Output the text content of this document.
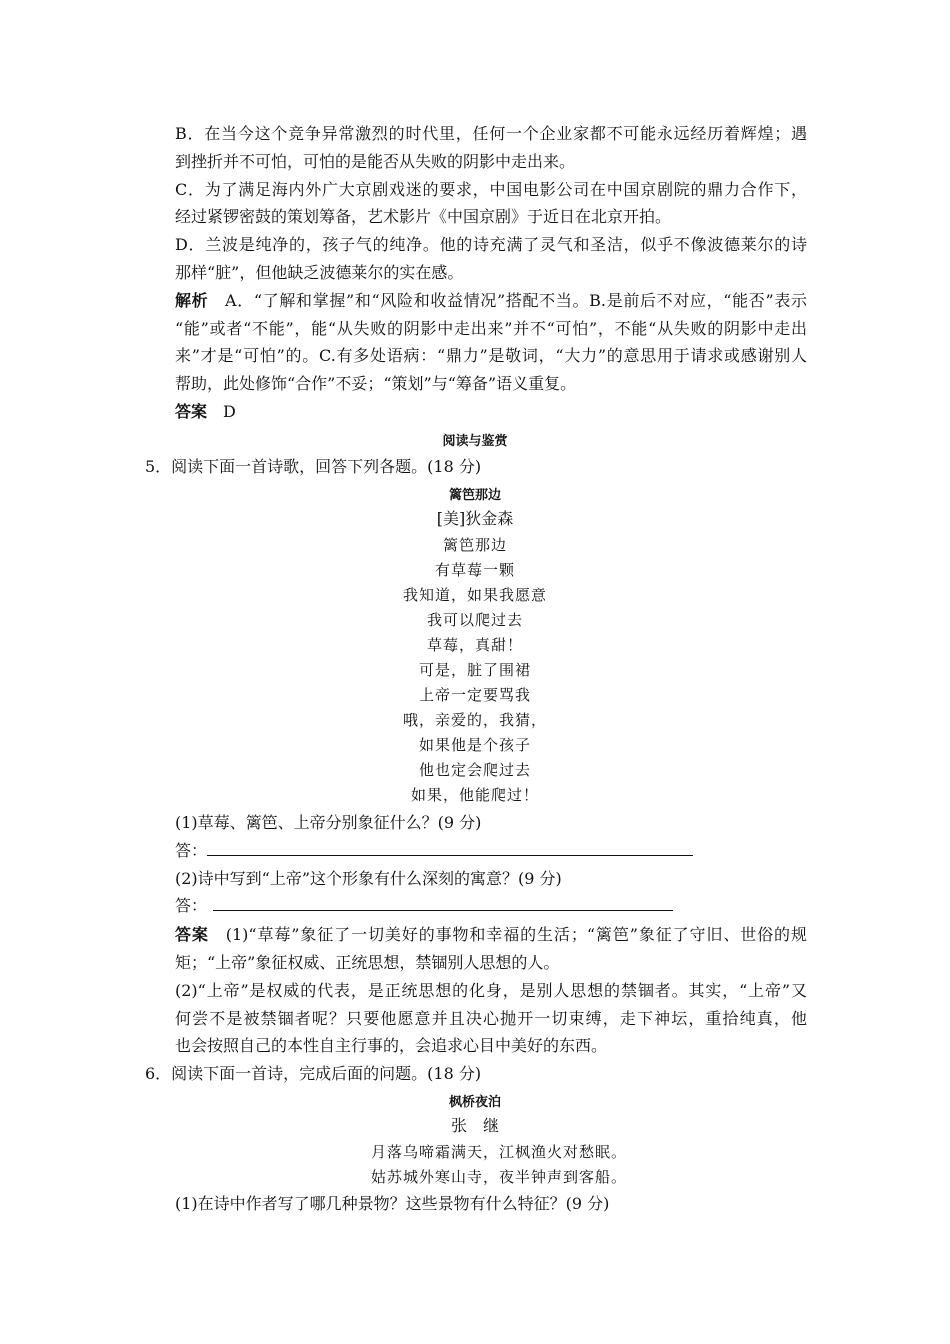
B．在当今这个竞争异常激烈的时代里，任何一个企业家都不可能永远经历着辉煌；遇
到挫折并不可怕，可怕的是能否从失败的阴影中走出来。
C．为了满足海内外广大京剧戏迷的要求，中国电影公司在中国京剧院的鼎力合作下，
经过紧锣密鼓的策划筹备，艺术影片《中国京剧》于近日在北京开拍。
D．兰波是纯净的，孩子气的纯净。他的诗充满了灵气和圣洁，似乎不像波德莱尔的诗
那样“脏”，但他缺乏波德莱尔的实在感。
解析　 A．“了解和掌握”和“风险和收益情况”搭配不当。B.是前后不对应，“能否”表示
“能”或者“不能”，能“从失败的阴影中走出来”并不“可怕”，不能“从失败的阴影中走出
来”才是“可怕”的。C.有多处语病：“鼎力”是敬词，“大力”的意思用于请求或感谢别人
帮助，此处修饰“合作”不妥；“策划”与“筹备”语义重复。
答案　 D
阅读与鉴赏
5．阅读下面一首诗歌，回答下列各题。(18 分)
篱笆那边
[美]狄金森
篱笆那边
有草莓一颗
我知道，如果我愿意
我可以爬过去
草莓，真甜！
可是，脏了围裙
上帝一定要骂我
哦，亲爱的，我猜，
如果他是个孩子
他也定会爬过去
如果，他能爬过！
(1)草莓、篱笆、上帝分别象征什么？(9 分)
答：
(2)诗中写到“上帝”这个形象有什么深刻的寓意？(9 分)
答：
答案　 (1)“草莓”象征了一切美好的事物和幸福的生活；“篱笆”象征了守旧、世俗的规
矩；“上帝”象征权威、正统思想，禁锢别人思想的人。
(2)“上帝”是权威的代表，是正统思想的化身，是别人思想的禁锢者。其实，“上帝”又
何尝不是被禁锢者呢？只要他愿意并且决心抛开一切束缚，走下神坛，重拾纯真，他
也会按照自己的本性自主行事的，会追求心目中美好的东西。
6．阅读下面一首诗，完成后面的问题。(18 分)
枫桥夜泊
张　继
月落乌啼霜满天，江枫渔火对愁眠。
姑苏城外寒山寺，夜半钟声到客船。
(1)在诗中作者写了哪几种景物？这些景物有什么特征？(9 分)
